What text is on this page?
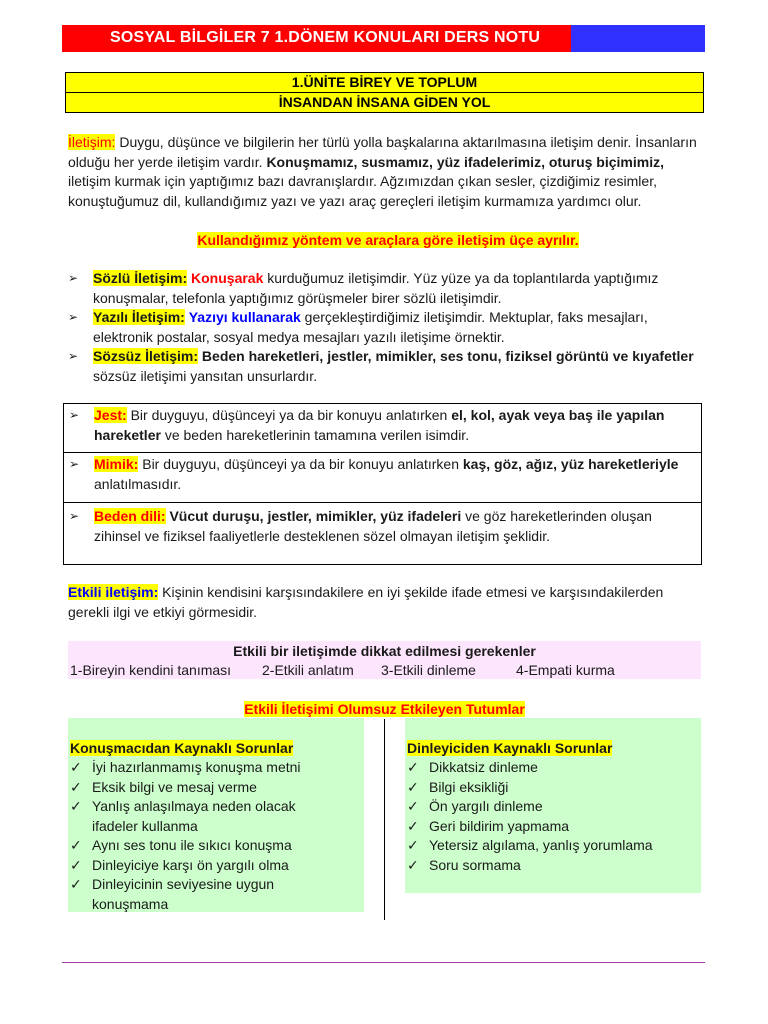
SOSYAL BİLGİLER 7 1.DÖNEM KONULARI DERS NOTU
1.ÜNİTE BİREY VE TOPLUM
İNSANDAN İNSANA GİDEN YOL
İletişim: Duygu, düşünce ve bilgilerin her türlü yolla başkalarına aktarılmasına iletişim denir. İnsanların olduğu her yerde iletişim vardır. Konuşmamız, susmamız, yüz ifadelerimiz, oturuş biçimimiz, iletişim kurmak için yaptığımız bazı davranışlardır. Ağzımızdan çıkan sesler, çizdiğimiz resimler, konuştuğumuz dil, kullandığımız yazı ve yazı araç gereçleri iletişim kurmamıza yardımcı olur.
Kullandığımız yöntem ve araçlara göre iletişim üçe ayrılır.
➢	Sözlü İletişim: Konuşarak kurduğumuz iletişimdir. Yüz yüze ya da toplantılarda yaptığımız konuşmalar, telefonla yaptığımız görüşmeler birer sözlü iletişimdir.
➢	Yazılı İletişim: Yazıyı kullanarak gerçekleştirdiğimiz iletişimdir. Mektuplar, faks mesajları, elektronik postalar, sosyal medya mesajları yazılı iletişime örnektir.
➢	Sözsüz İletişim: Beden hareketleri, jestler, mimikler, ses tonu, fiziksel görüntü ve kıyafetler sözsüz iletişimi yansıtan unsurlardır.
➢	Jest: Bir duyguyu, düşünceyi ya da bir konuyu anlatırken el, kol, ayak veya baş ile yapılan hareketler ve beden hareketlerinin tamamına verilen isimdir.
➢	Mimik: Bir duyguyu, düşünceyi ya da bir konuyu anlatırken kaş, göz, ağız, yüz hareketleriyle anlatılmasıdır.
➢	Beden dili: Vücut duruşu, jestler, mimikler, yüz ifadeleri ve göz hareketlerinden oluşan zihinsel ve fiziksel faaliyetlerle desteklenen sözel olmayan iletişim şeklidir.
Etkili iletişim: Kişinin kendisini karşısındakilere en iyi şekilde ifade etmesi ve karşısındakilerden gerekli ilgi ve etkiyi görmesidir.
Etkili bir iletişimde dikkat edilmesi gerekenler
1-Bireyin kendini tanıması 2-Etkili anlatım 3-Etkili dinleme	4-Empati kurma
Etkili İletişimi Olumsuz Etkileyen Tutumlar
Konuşmacıdan Kaynaklı Sorunlar
✓ İyi hazırlanmamış konuşma metni
✓ Eksik bilgi ve mesaj verme
✓ Yanlış anlaşılmaya neden olacak ifadeler kullanma
✓ Aynı ses tonu ile sıkıcı konuşma
✓ Dinleyiciye karşı ön yargılı olma
✓ Dinleyicinin seviyesine uygun konuşmama
Dinleyiciden Kaynaklı Sorunlar
✓ Dikkatsiz dinleme
✓ Bilgi eksikliği
✓ Ön yargılı dinleme
✓ Geri bildirim yapmama
✓ Yetersiz algılama, yanlış yorumlama
✓ Soru sormama
